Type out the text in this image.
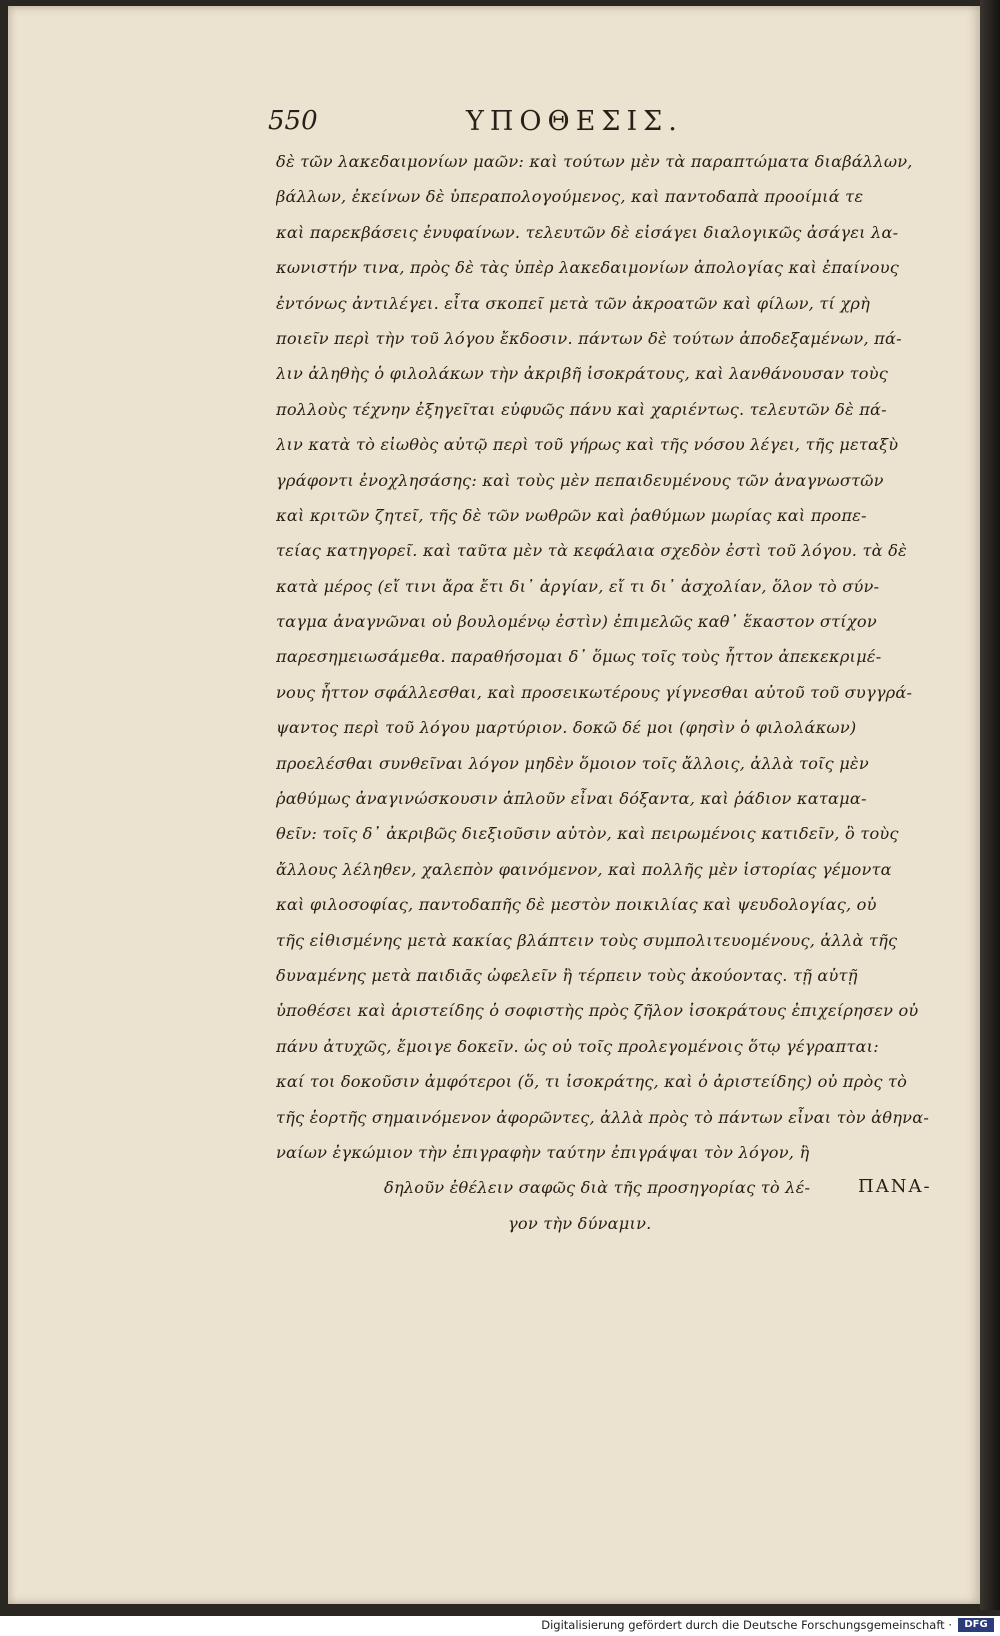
550	ΥΠΟΘΕΣΙΣ.
δὲ τῶν λακεδαιμονίων μαῶν: καὶ τούτων μὲν τὰ παραπτώματα διαβάλλων,
βάλλων, ἐκείνων δὲ ὑπεραπολογούμενος, καὶ παντοδαπὰ προοίμιά τε
καὶ παρεκβάσεις ἐνυφαίνων. τελευτῶν δὲ εἰσάγει διαλογικῶς ἀσάγει λα-
κωνιστήν τινα, πρὸς δὲ τὰς ὑπὲρ λακεδαιμονίων ἀπολογίας καὶ ἐπαίνους
ἐντόνως ἀντιλέγει. εἶτα σκοπεῖ μετὰ τῶν ἀκροατῶν καὶ φίλων, τί χρὴ
ποιεῖν περὶ τὴν τοῦ λόγου ἔκδοσιν. πάντων δὲ τούτων ἀποδεξαμένων, πά-
λιν ἀληθὴς ὁ φιλολάκων τὴν ἀκριβῆ ἰσοκράτους, καὶ λανθάνουσαν τοὺς
πολλοὺς τέχνην ἐξηγεῖται εὐφυῶς πάνυ καὶ χαριέντως. τελευτῶν δὲ πά-
λιν κατὰ τὸ εἰωθὸς αὐτῷ περὶ τοῦ γήρως καὶ τῆς νόσου λέγει, τῆς μεταξὺ
γράφοντι ἐνοχλησάσης: καὶ τοὺς μὲν πεπαιδευμένους τῶν ἀναγνωστῶν
καὶ κριτῶν ζητεῖ, τῆς δὲ τῶν νωθρῶν καὶ ῥαθύμων μωρίας καὶ προπε-
τείας κατηγορεῖ. καὶ ταῦτα μὲν τὰ κεφάλαια σχεδὸν ἐστὶ τοῦ λόγου. τὰ δὲ
κατὰ μέρος (εἴ τινι ἄρα ἔτι δι᾽ ἀργίαν, εἴ τι δι᾽ ἀσχολίαν, ὅλον τὸ σύν-
ταγμα ἀναγνῶναι οὐ βουλομένῳ ἐστὶν) ἐπιμελῶς καθ᾽ ἕκαστον στίχον
παρεσημειωσάμεθα. παραθήσομαι δ᾽ ὅμως τοῖς τοὺς ἧττον ἀπεκεκριμέ-
νους ἧττον σφάλλεσθαι, καὶ προσεικωτέρους γίγνεσθαι αὐτοῦ τοῦ συγγρά-
ψαντος περὶ τοῦ λόγου μαρτύριον. δοκῶ δέ μοι (φησὶν ὁ φιλολάκων)
προελέσθαι συνθεῖναι λόγον μηδὲν ὅμοιον τοῖς ἄλλοις, ἀλλὰ τοῖς μὲν
ῥαθύμως ἀναγινώσκουσιν ἁπλοῦν εἶναι δόξαντα, καὶ ῥάδιον καταμα-
θεῖν: τοῖς δ᾽ ἀκριβῶς διεξιοῦσιν αὐτὸν, καὶ πειρωμένοις κατιδεῖν, ὃ τοὺς
ἄλλους λέληθεν, χαλεπὸν φαινόμενον, καὶ πολλῆς μὲν ἱστορίας γέμοντα
καὶ φιλοσοφίας, παντοδαπῆς δὲ μεστὸν ποικιλίας καὶ ψευδολογίας, οὐ
τῆς εἰθισμένης μετὰ κακίας βλάπτειν τοὺς συμπολιτευομένους, ἀλλὰ τῆς
δυναμένης μετὰ παιδιᾶς ὠφελεῖν ἢ τέρπειν τοὺς ἀκούοντας. τῇ αὐτῇ
ὑποθέσει καὶ ἀριστείδης ὁ σοφιστὴς πρὸς ζῆλον ἰσοκράτους ἐπιχείρησεν οὐ
πάνυ ἀτυχῶς, ἔμοιγε δοκεῖν. ὡς οὐ τοῖς προλεγομένοις ὅτῳ γέγραπται:
καί τοι δοκοῦσιν ἀμφότεροι (ὅ, τι ἰσοκράτης, καὶ ὁ ἀριστείδης) οὐ πρὸς τὸ
τῆς ἑορτῆς σημαινόμενον ἀφορῶντες, ἀλλὰ πρὸς τὸ πάντων εἶναι τὸν ἀθηνα-
ναίων ἐγκώμιον τὴν ἐπιγραφὴν ταύτην ἐπιγράψαι τὸν λόγον, ἢ
δηλοῦν ἐθέλειν σαφῶς διὰ τῆς προσηγορίας τὸ λέ-
γον τὴν δύναμιν.
ΠΑΝΑ-
Digitalisierung gefördert durch die Deutsche Forschungsgemeinschaft ·	DFG
